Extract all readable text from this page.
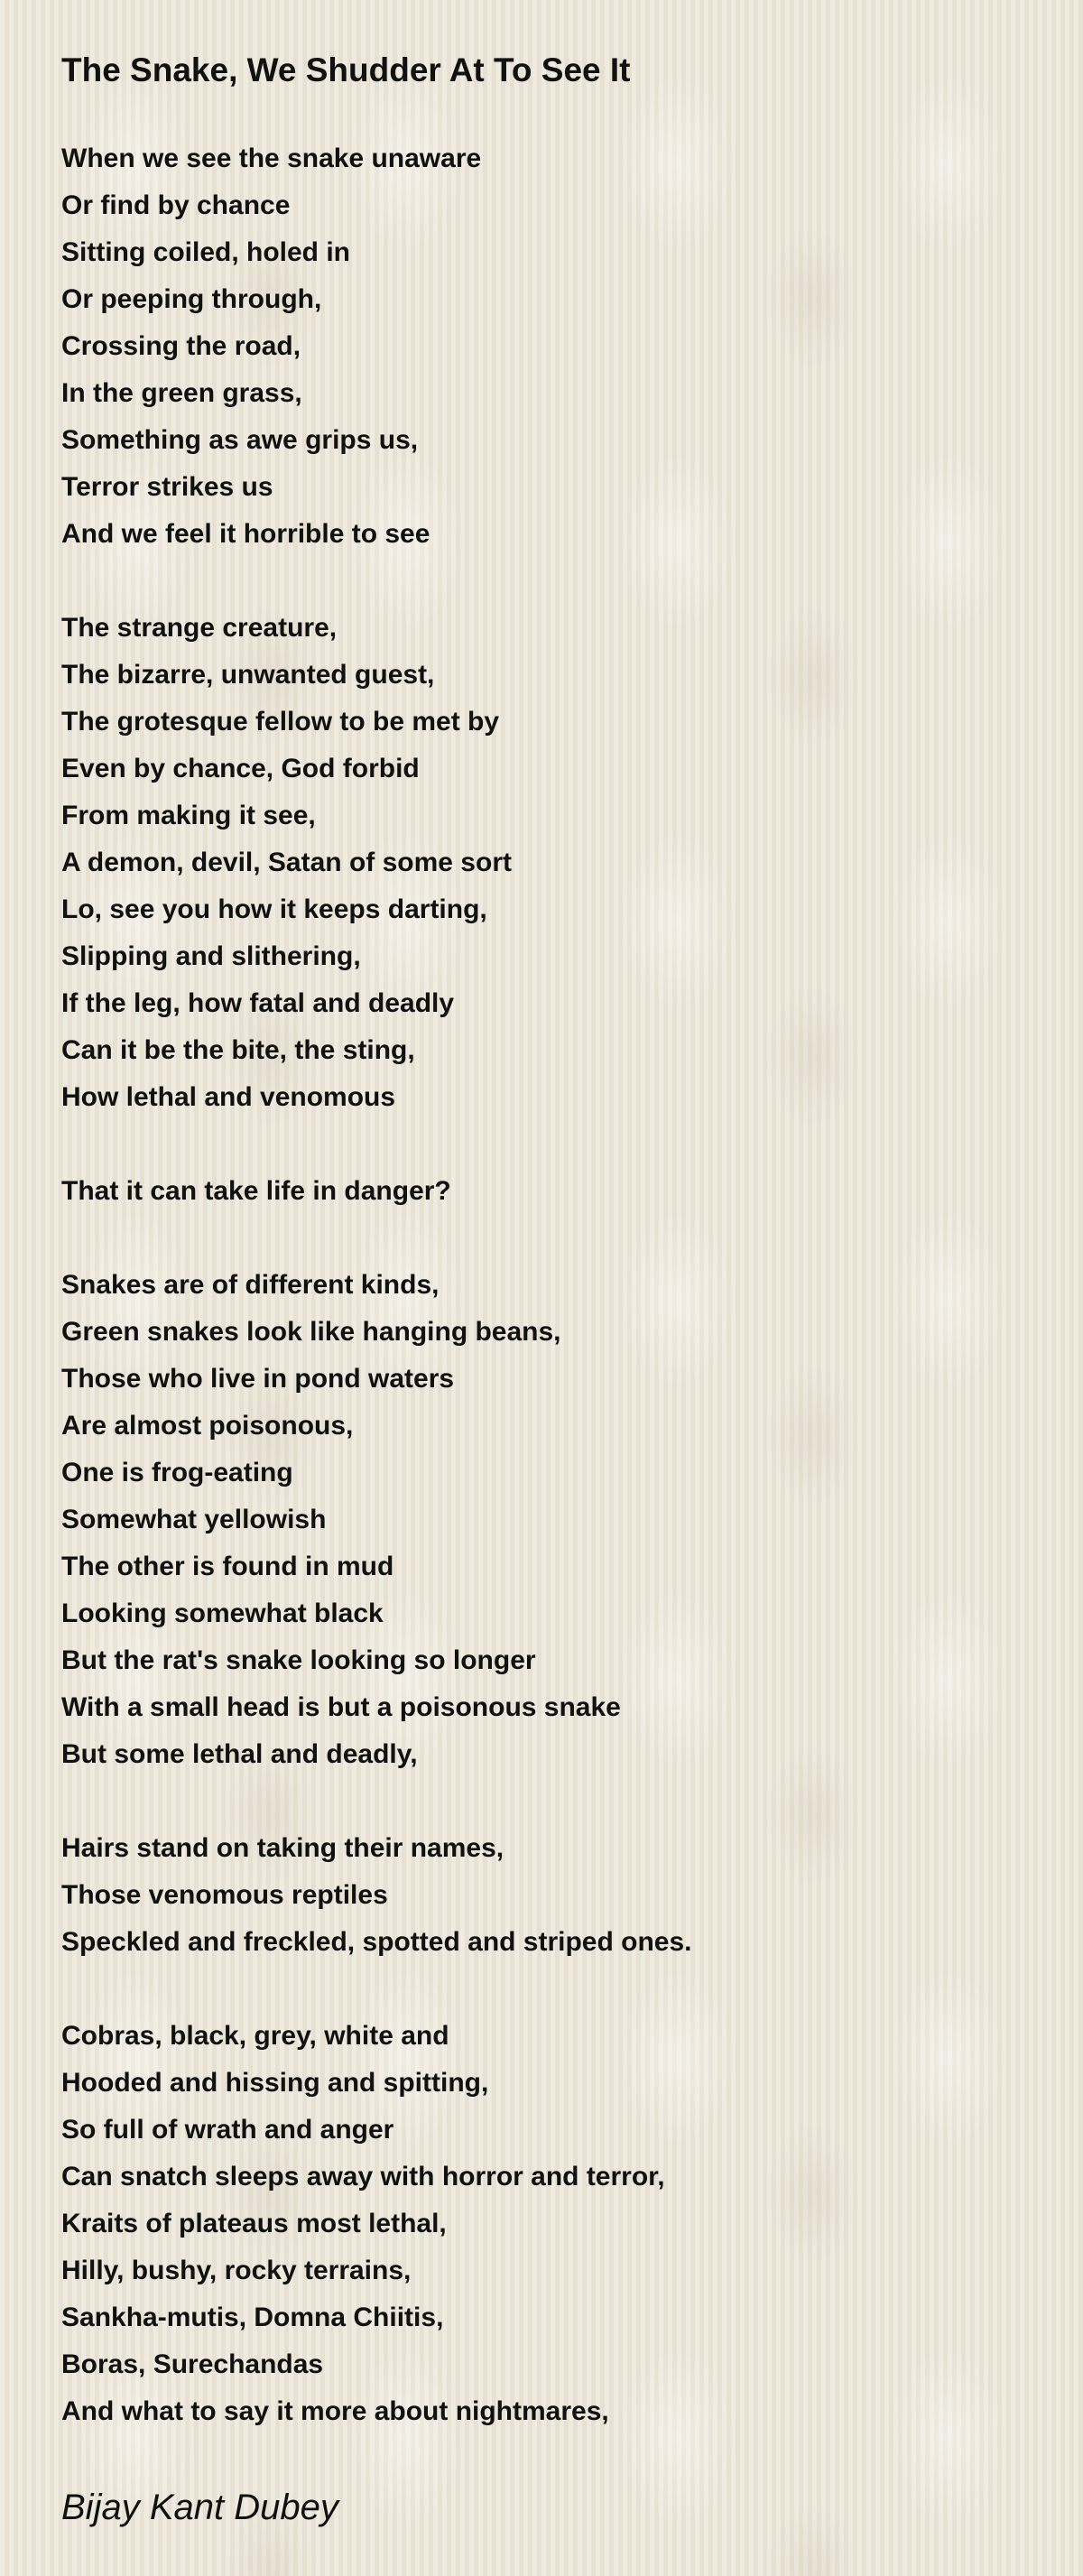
The Snake, We Shudder At To See It
When we see the snake unaware
Or find by chance
Sitting coiled, holed in
Or peeping through,
Crossing the road,
In the green grass,
Something as awe grips us,
Terror strikes us
And we feel it horrible to see
The strange creature,
The bizarre, unwanted guest,
The grotesque fellow to be met by
Even by chance, God forbid
From making it see,
A demon, devil, Satan of some sort
Lo, see you how it keeps darting,
Slipping and slithering,
If the leg, how fatal and deadly
Can it be the bite, the sting,
How lethal and venomous
That it can take life in danger?
Snakes are of different kinds,
Green snakes look like hanging beans,
Those who live in pond waters
Are almost poisonous,
One is frog-eating
Somewhat yellowish
The other is found in mud
Looking somewhat black
But the rat's snake looking so longer
With a small head is but a poisonous snake
But some lethal and deadly,
Hairs stand on taking their names,
Those venomous reptiles
Speckled and freckled, spotted and striped ones.
Cobras, black, grey, white and
Hooded and hissing and spitting,
So full of wrath and anger
Can snatch sleeps away with horror and terror,
Kraits of plateaus most lethal,
Hilly, bushy, rocky terrains,
Sankha-mutis, Domna Chiitis,
Boras, Surechandas
And what to say it more about nightmares,
Bijay Kant Dubey
